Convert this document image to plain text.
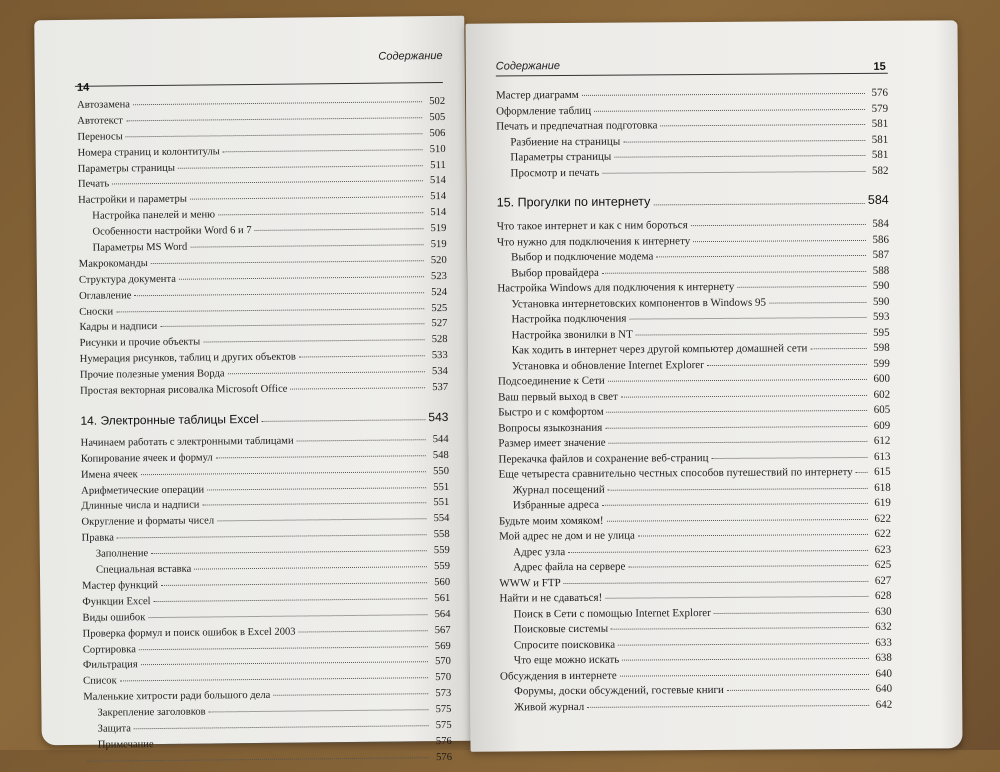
Содержание
14
Автозамена	502
Автотекст	505
Переносы	506
Номера страниц и колонтитулы	510
Параметры страницы	511
Печать	514
Настройки и параметры	514
Настройка панелей и меню	514
Особенности настройки Word 6 и 7	519
Параметры MS Word	519
Макрокоманды	520
Структура документа	523
Оглавление	524
Сноски	525
Кадры и надписи	527
Рисунки и прочие объекты	528
Нумерация рисунков, таблиц и других объектов	533
Прочие полезные умения Ворда	534
Простая векторная рисовалка Microsoft Office	537
14. Электронные таблицы Excel	543
Начинаем работать с электронными таблицами	544
Копирование ячеек и формул	548
Имена ячеек	550
Арифметические операции	551
Длинные числа и надписи	551
Округление и форматы чисел	554
Правка	558
Заполнение	559
Специальная вставка	559
Мастер функций	560
Функции Excel	561
Виды ошибок	564
Проверка формул и поиск ошибок в Excel 2003	567
Сортировка	569
Фильтрация	570
Список	570
Маленькие хитрости ради большого дела	573
Закрепление заголовков	575
Защита	575
Примечание	576
576
Содержание	15
Мастер диаграмм	576
Оформление таблиц	579
Печать и предпечатная подготовка	581
Разбиение на страницы	581
Параметры страницы	581
Просмотр и печать	582
15. Прогулки по интернету	584
Что такое интернет и как с ним бороться	584
Что нужно для подключения к интернету	586
Выбор и подключение модема	587
Выбор провайдера	588
Настройка Windows для подключения к интернету	590
Установка интернетовских компонентов в Windows 95	590
Настройка подключения	593
Настройка звонилки в NT	595
Как ходить в интернет через другой компьютер домашней сети	598
Установка и обновление Internet Explorer	599
Подсоединение к Сети	600
Ваш первый выход в свет	602
Быстро и с комфортом	605
Вопросы языкознания	609
Размер имеет значение	612
Перекачка файлов и сохранение веб-страниц	613
Еще четыреста сравнительно честных способов путешествий по интернету	615
Журнал посещений	618
Избранные адреса	619
Будьте моим хомяком!	622
Мой адрес не дом и не улица	622
Адрес узла	623
Адрес файла на сервере	625
WWW и FTP	627
Найти и не сдаваться!	628
Поиск в Сети с помощью Internet Explorer	630
Поисковые системы	632
Спросите поисковика	633
Что еще можно искать	638
Обсуждения в интернете	640
Форумы, доски обсуждений, гостевые книги	640
Живой журнал	642
